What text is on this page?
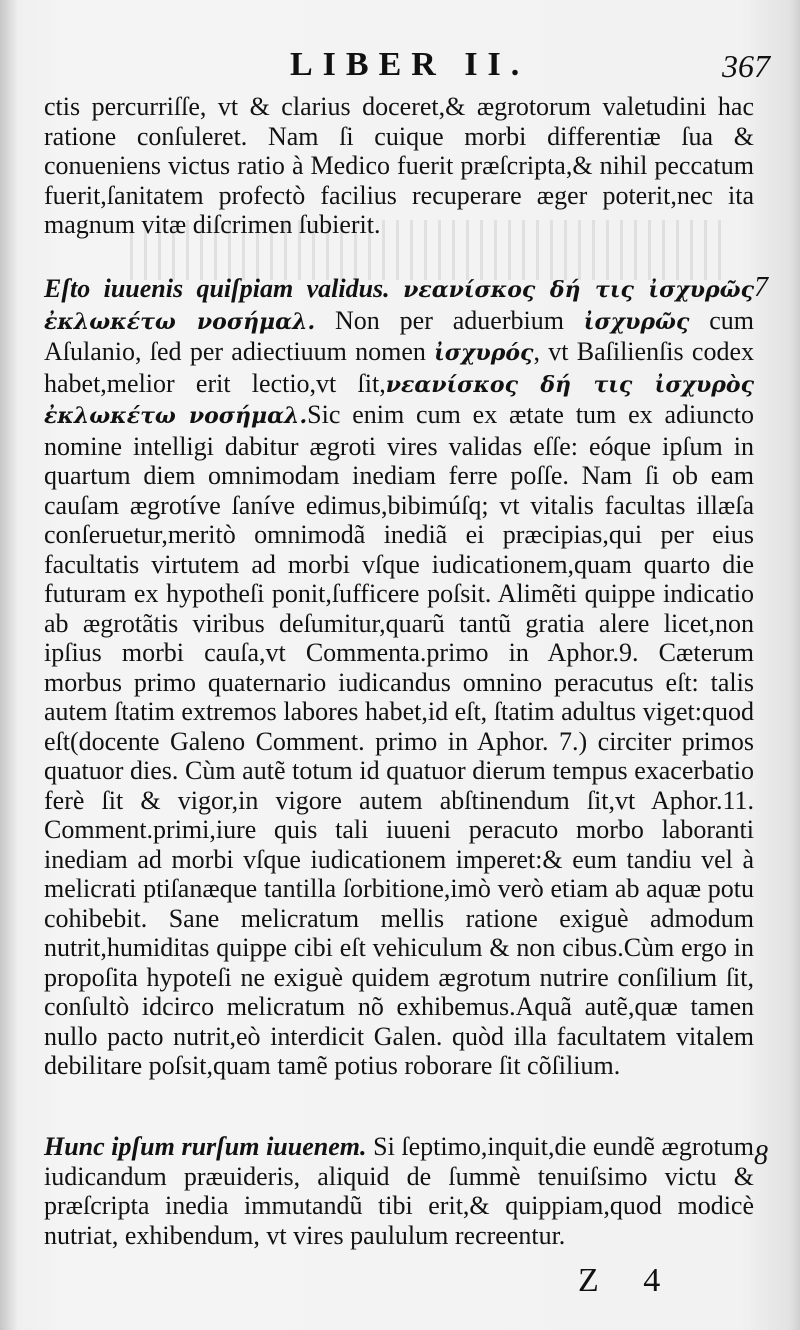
LIBER II.	367
ctis percurriſſe, vt & clarius doceret,& ægrotorum valetudini hac ratione conſuleret. Nam ſi cuique morbi differentiæ ſua & conueniens victus ratio à Medico fuerit præſcripta,& nihil peccatum fuerit,ſanitatem profectò facilius recuperare æger poterit,nec ita magnum vitæ diſcrimen ſubierit.
7
Eſto iuuenis quiſpiam validus. νεανίσκος δή τις ἰσχυρῶς ἐκλωκέτω νοσήμαλ. Non per aduerbium ἰσχυρῶς cum Aſulanio, ſed per adiectiuum nomen ἰσχυρός, vt Baſilienſis codex habet,melior erit lectio,vt ſit,νεανίσκος δή τις ἰσχυρὸς ἐκλωκέτω νοσήμαλ.Sic enim cum ex ætate tum ex adiuncto nomine intelligi dabitur ægroti vires validas eſſe: eóque ipſum in quartum diem omnimodam inediam ferre poſſe. Nam ſi ob eam cauſam ægrotíve ſaníve edimus,bibimúſq; vt vitalis facultas illæſa conſeruetur,meritò omnimodã inediã ei præcipias,qui per eius facultatis virtutem ad morbi vſque iudicationem,quam quarto die futuram ex hypotheſi ponit,ſufficere poſsit. Alimẽti quippe indicatio ab ægrotãtis viribus deſumitur,quarũ tantũ gratia alere licet,non ipſius morbi cauſa,vt Commenta.primo in Aphor.9. Cæterum morbus primo quaternario iudicandus omnino peracutus eſt: talis autem ſtatim extremos labores habet,id eſt, ſtatim adultus viget:quod eſt(docente Galeno Comment. primo in Aphor. 7.) circiter primos quatuor dies. Cùm autẽ totum id quatuor dierum tempus exacerbatio ferè ſit & vigor,in vigore autem abſtinendum ſit,vt Aphor.11. Comment.primi,iure quis tali iuueni peracuto morbo laboranti inediam ad morbi vſque iudicationem imperet:& eum tandiu vel à melicrati ptiſanæque tantilla ſorbitione,imò verò etiam ab aquæ potu cohibebit. Sane melicratum mellis ratione exiguè admodum nutrit,humiditas quippe cibi eſt vehiculum & non cibus.Cùm ergo in propoſita hypoteſi ne exiguè quidem ægrotum nutrire conſilium ſit, conſultò idcirco melicratum nõ exhibemus.Aquã autẽ,quæ tamen nullo pacto nutrit,eò interdicit Galen. quòd illa facultatem vitalem debilitare poſsit,quam tamẽ potius roborare ſit cõſilium.
8
Hunc ipſum rurſum iuuenem. Si ſeptimo,inquit,die eundẽ ægrotum iudicandum præuideris, aliquid de ſummè tenuiſsimo victu & præſcripta inedia immutandũ tibi erit,& quippiam,quod modicè nutriat, exhibendum, vt vires paululum recreentur.
Z 4
